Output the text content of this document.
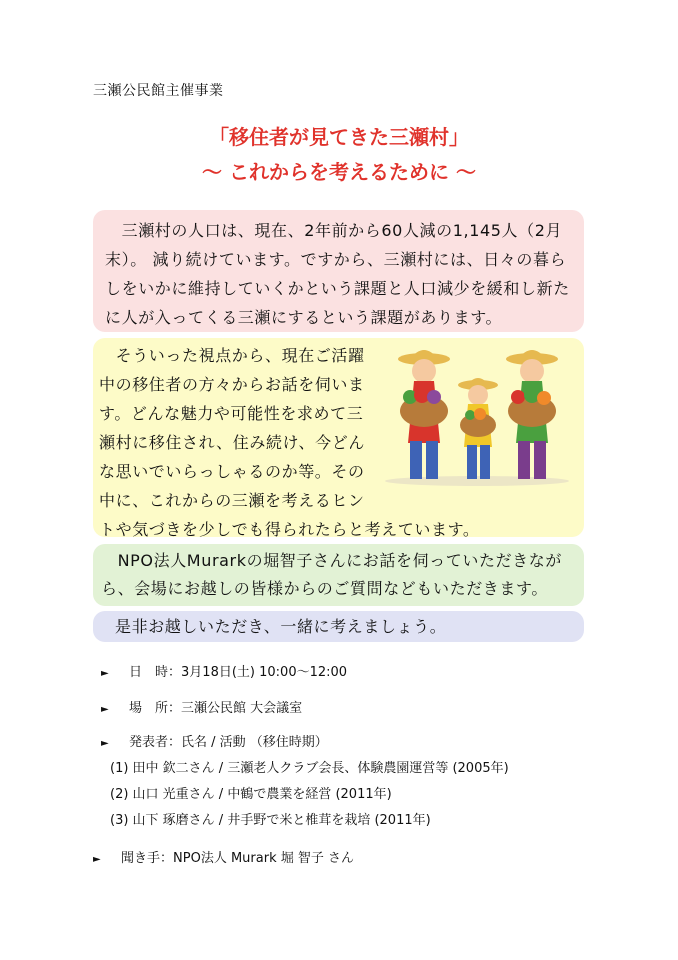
三瀬公民館主催事業
「移住者が見てきた三瀬村」
～ これからを考えるために ～
　三瀬村の人口は、現在、2年前から60人減の1,145人（2月末）。 減り続けています。ですから、三瀬村には、日々の暮らしをいかに維持していくかという課題と人口減少を緩和し新たに人が入ってくる三瀬にするという課題があります。
　そういった視点から、現在ご活躍中の移住者の方々からお話を伺います。どんな魅力や可能性を求めて三瀬村に移住され、住み続け、今どんな思いでいらっしゃるのか等。その中に、これからの三瀬を考えるヒントや気づきを少しでも得られたらと考えています。
　NPO法人Murarkの堀智子さんにお話を伺っていただきながら、会場にお越しの皆様からのご質問などもいただきます。
是非お越しいただき、一緒に考えましょう。
► 日　時：3月18日(土) 10:00～12:00
► 場　所：三瀬公民館 大会議室
► 発表者：氏名 / 活動 （移住時期）
(1) 田中 欽二さん / 三瀬老人クラブ会長、体験農園運営等 (2005年)
(2) 山口 光重さん / 中鶴で農業を経営 (2011年)
(3) 山下 琢磨さん / 井手野で米と椎茸を栽培 (2011年)
► 聞き手：NPO法人 Murark 堀 智子 さん
